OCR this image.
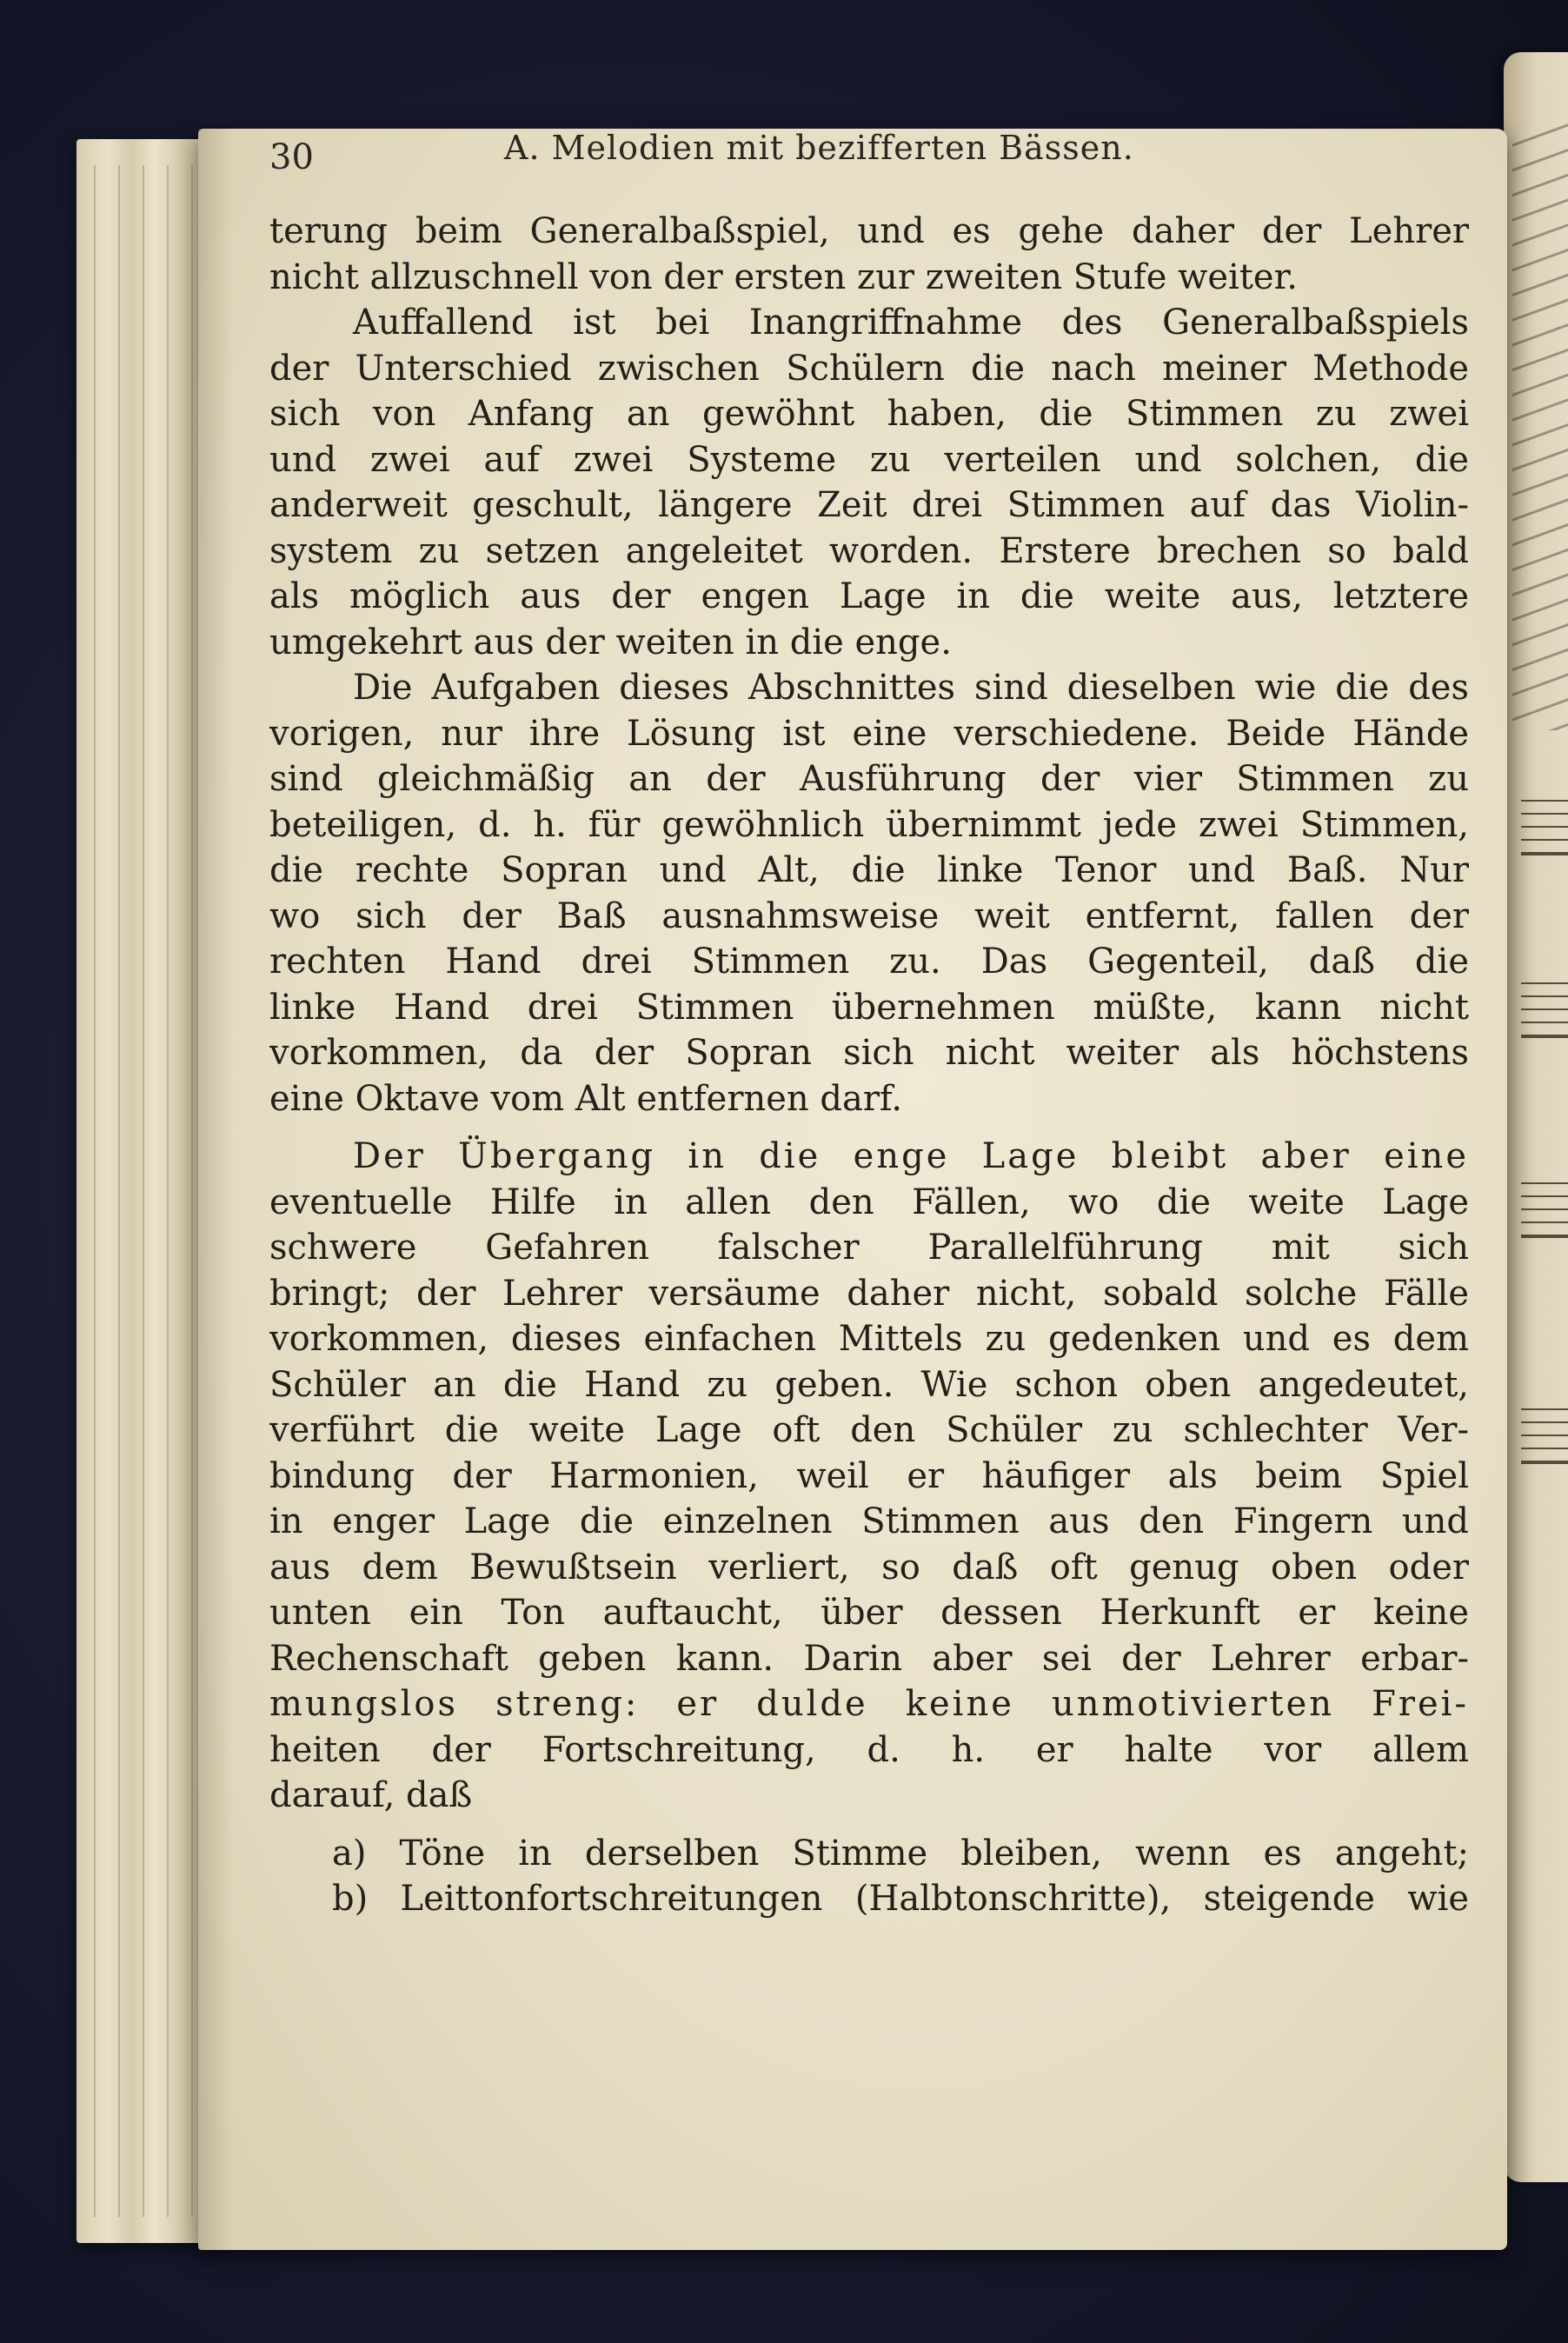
30	A. Melodien mit bezifferten Bässen.
terung beim Generalbaßspiel, und es gehe daher der Lehrer
nicht allzuschnell von der ersten zur zweiten Stufe weiter.
Auffallend ist bei Inangriffnahme des Generalbaßspiels
der Unterschied zwischen Schülern die nach meiner Methode
sich von Anfang an gewöhnt haben, die Stimmen zu zwei
und zwei auf zwei Systeme zu verteilen und solchen, die
anderweit geschult, längere Zeit drei Stimmen auf das Violin-
system zu setzen angeleitet worden. Erstere brechen so bald
als möglich aus der engen Lage in die weite aus, letztere
umgekehrt aus der weiten in die enge.
Die Aufgaben dieses Abschnittes sind dieselben wie die des
vorigen, nur ihre Lösung ist eine verschiedene. Beide Hände
sind gleichmäßig an der Ausführung der vier Stimmen zu
beteiligen, d. h. für gewöhnlich übernimmt jede zwei Stimmen,
die rechte Sopran und Alt, die linke Tenor und Baß. Nur
wo sich der Baß ausnahmsweise weit entfernt, fallen der
rechten Hand drei Stimmen zu. Das Gegenteil, daß die
linke Hand drei Stimmen übernehmen müßte, kann nicht
vorkommen, da der Sopran sich nicht weiter als höchstens
eine Oktave vom Alt entfernen darf.
Der Übergang in die enge Lage bleibt aber eine
eventuelle Hilfe in allen den Fällen, wo die weite Lage
schwere Gefahren falscher Parallelführung mit sich
bringt; der Lehrer versäume daher nicht, sobald solche Fälle
vorkommen, dieses einfachen Mittels zu gedenken und es dem
Schüler an die Hand zu geben. Wie schon oben angedeutet,
verführt die weite Lage oft den Schüler zu schlechter Ver-
bindung der Harmonien, weil er häufiger als beim Spiel
in enger Lage die einzelnen Stimmen aus den Fingern und
aus dem Bewußtsein verliert, so daß oft genug oben oder
unten ein Ton auftaucht, über dessen Herkunft er keine
Rechenschaft geben kann. Darin aber sei der Lehrer erbar-
mungslos streng: er dulde keine unmotivierten Frei-
heiten der Fortschreitung, d. h. er halte vor allem
darauf, daß
a) Töne in derselben Stimme bleiben, wenn es angeht;
b) Leittonfortschreitungen (Halbtonschritte), steigende wie
